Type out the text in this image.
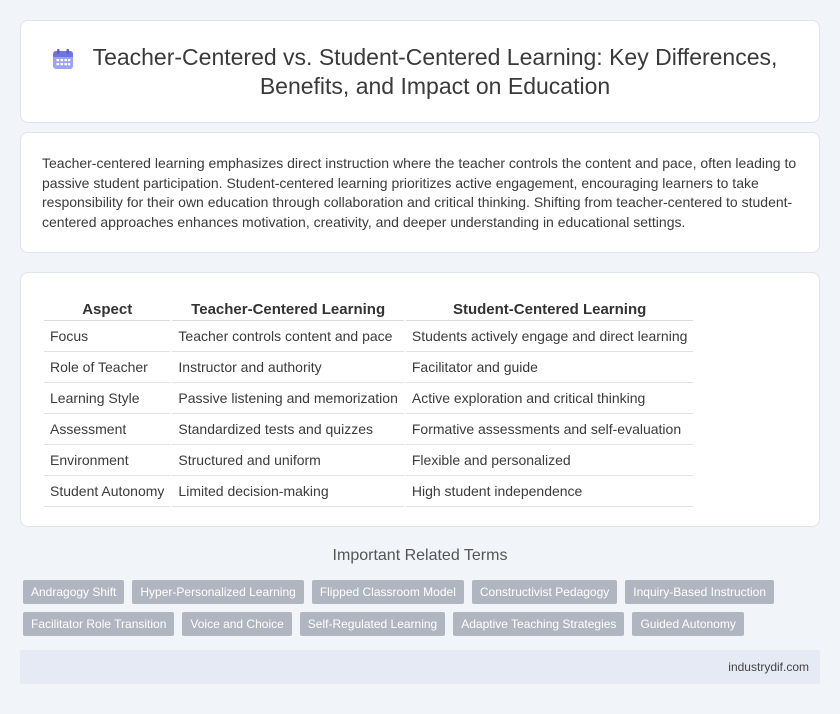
Teacher-Centered vs. Student-Centered Learning: Key Differences, Benefits, and Impact on Education

Teacher-centered learning emphasizes direct instruction where the teacher controls the content and pace, often leading to passive student participation. Student-centered learning prioritizes active engagement, encouraging learners to take responsibility for their own education through collaboration and critical thinking. Shifting from teacher-centered to student-centered approaches enhances motivation, creativity, and deeper understanding in educational settings.

Aspect	Teacher-Centered Learning	Student-Centered Learning
Focus	Teacher controls content and pace	Students actively engage and direct learning
Role of Teacher	Instructor and authority	Facilitator and guide
Learning Style	Passive listening and memorization	Active exploration and critical thinking
Assessment	Standardized tests and quizzes	Formative assessments and self-evaluation
Environment	Structured and uniform	Flexible and personalized
Student Autonomy	Limited decision-making	High student independence
Important Related Terms
Andragogy Shift	Hyper-Personalized Learning	Flipped Classroom Model	Constructivist Pedagogy	Inquiry-Based Instruction
Facilitator Role Transition	Voice and Choice	Self-Regulated Learning	Adaptive Teaching Strategies	Guided Autonomy
industrydif.com
